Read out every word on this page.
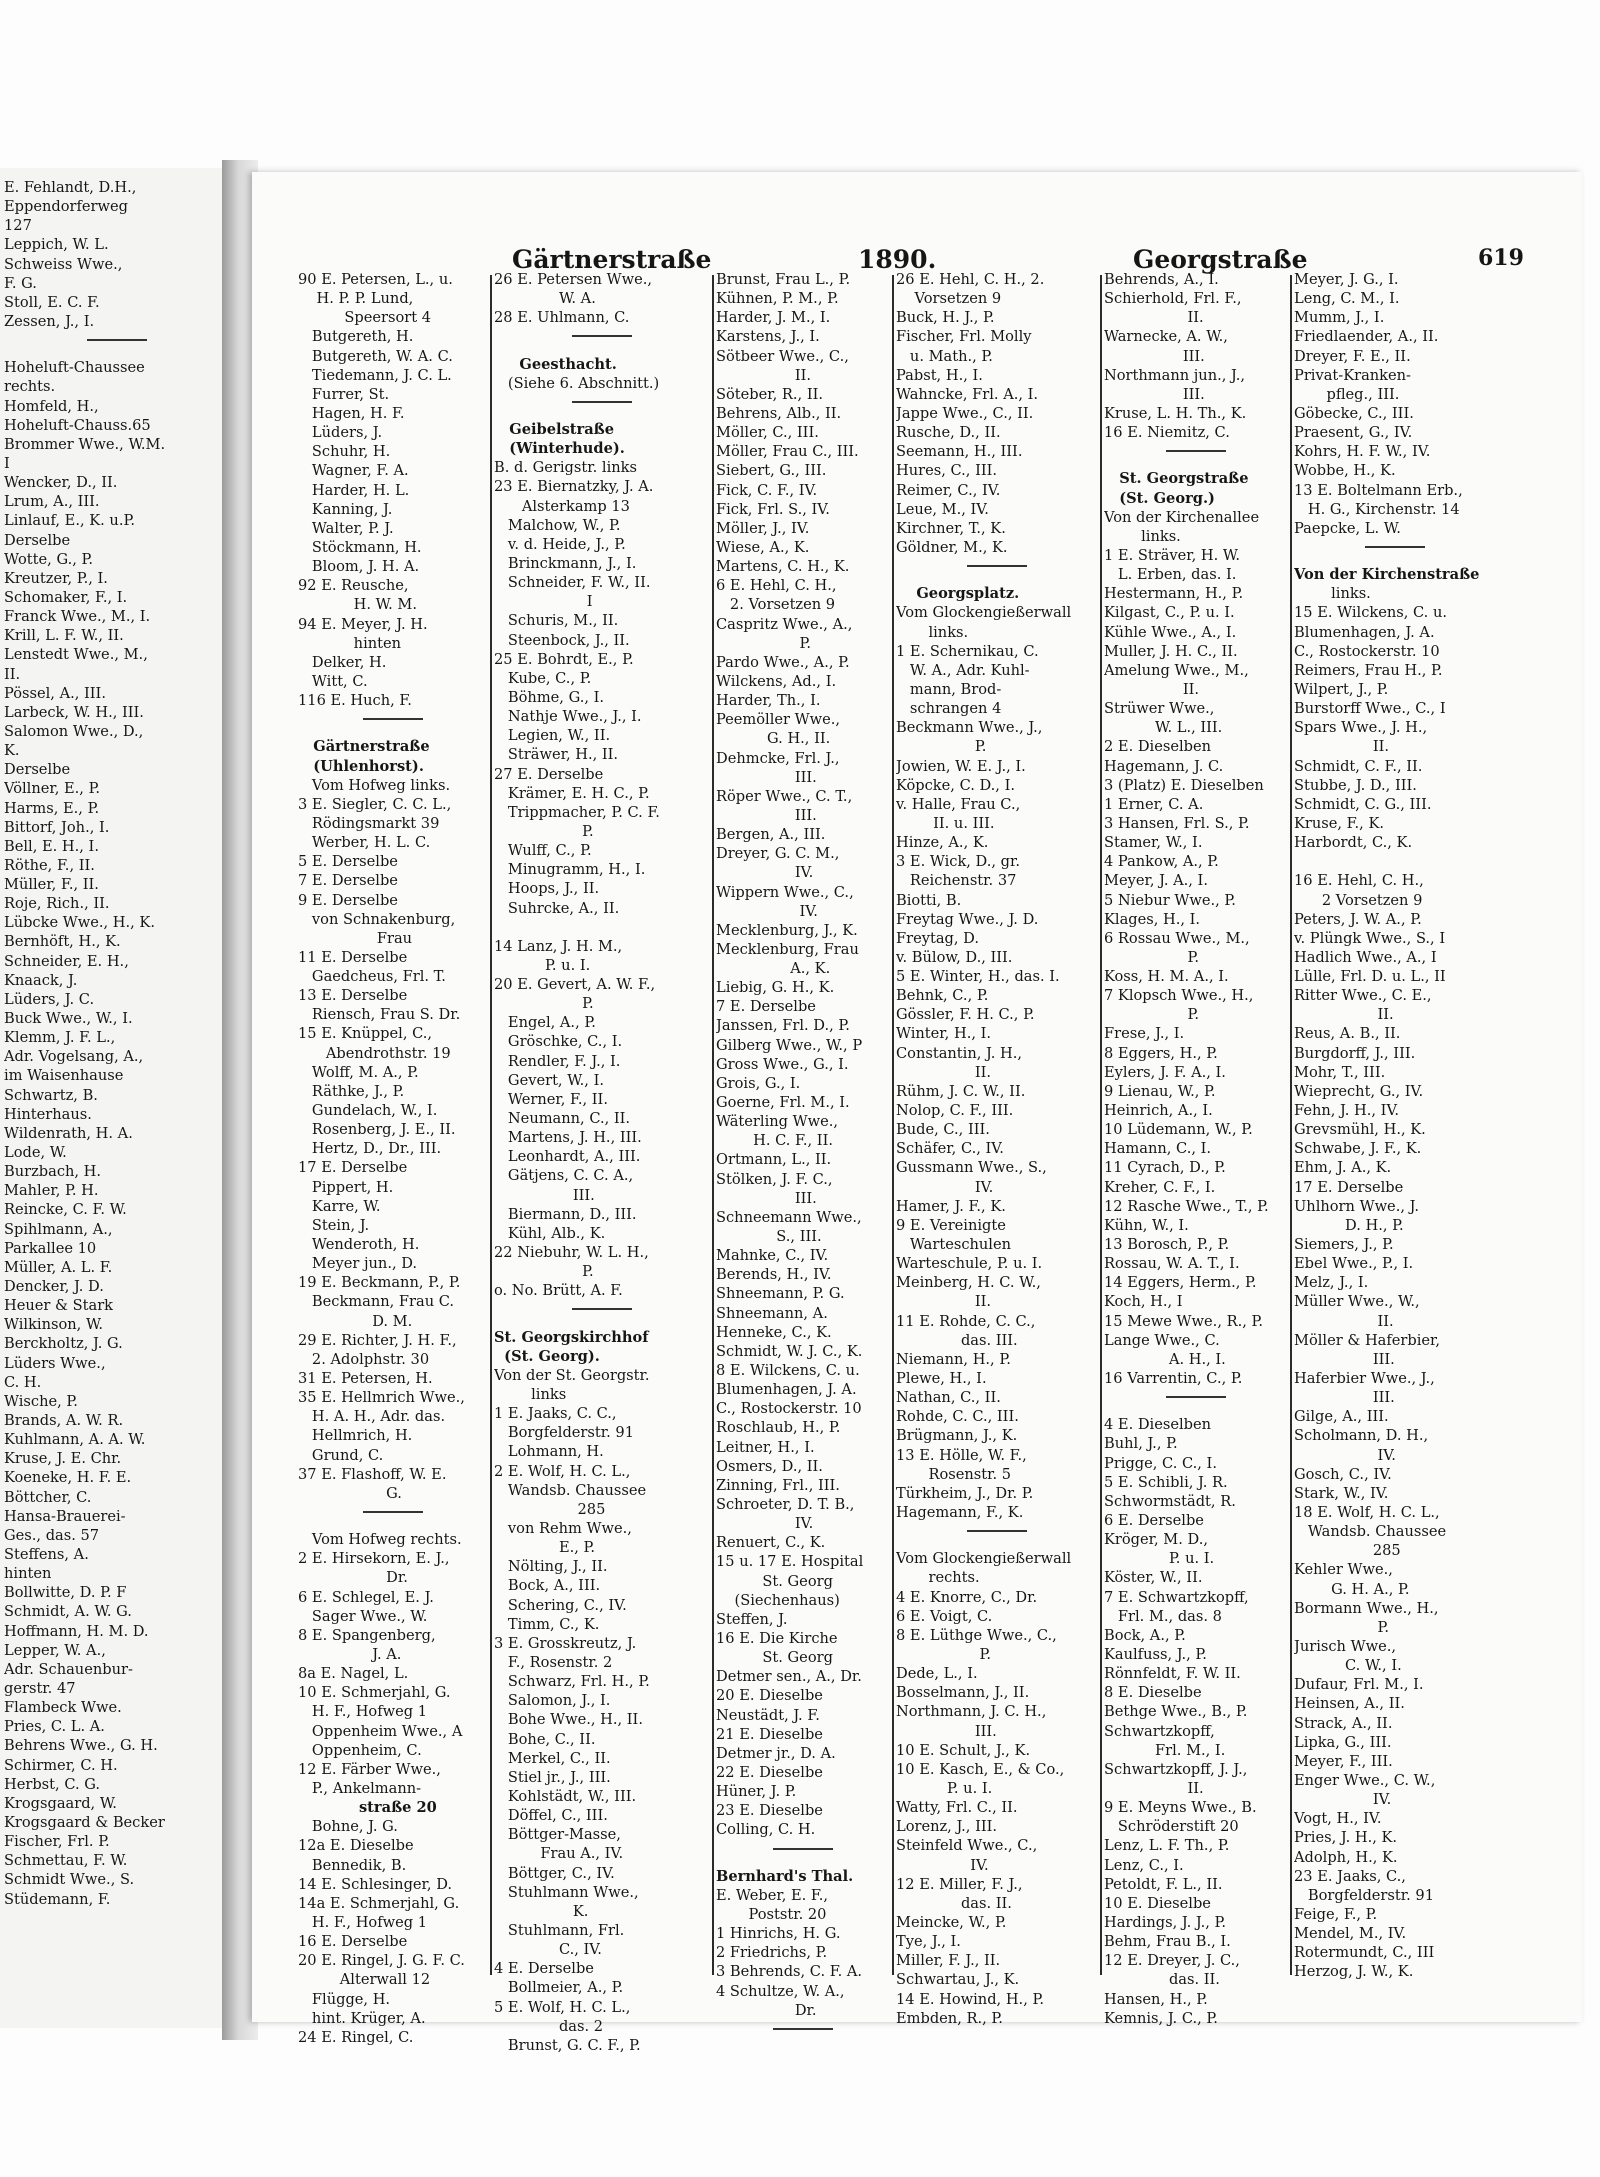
E. Fehlandt, D.H.,
Eppendorferweg
127
Leppich, W. L.
Schweiss Wwe.,
F. G.
Stoll, E. C. F.
Zessen, J., I.
Hoheluft-Chaussee
rechts.
Homfeld, H.,
Hoheluft-Chauss.65
Brommer Wwe., W.M.
I
Wencker, D., II.
Lrum, A., III.
Linlauf, E., K. u.P.
Derselbe
Wotte, G., P.
Kreutzer, P., I.
Schomaker, F., I.
Franck Wwe., M., I.
Krill, L. F. W., II.
Lenstedt Wwe., M.,
II.
Pössel, A., III.
Larbeck, W. H., III.
Salomon Wwe., D.,
K.
Derselbe
Völlner, E., P.
Harms, E., P.
Bittorf, Joh., I.
Bell, E. H., I.
Röthe, F., II.
Müller, F., II.
Roje, Rich., II.
Lübcke Wwe., H., K.
Bernhöft, H., K.
Schneider, E. H.,
Knaack, J.
Lüders, J. C.
Buck Wwe., W., I.
Klemm, J. F. L.,
Adr. Vogelsang, A.,
im Waisenhause
Schwartz, B.
Hinterhaus.
Wildenrath, H. A.
Lode, W.
Burzbach, H.
Mahler, P. H.
Reincke, C. F. W.
Spihlmann, A.,
Parkallee 10
Müller, A. L. F.
Dencker, J. D.
Heuer & Stark
Wilkinson, W.
Berckholtz, J. G.
Lüders Wwe.,
C. H.
Wische, P.
Brands, A. W. R.
Kuhlmann, A. A. W.
Kruse, J. E. Chr.
Koeneke, H. F. E.
Böttcher, C.
Hansa-Brauerei-
Ges., das. 57
Steffens, A.
hinten
Bollwitte, D. P. F
Schmidt, A. W. G.
Hoffmann, H. M. D.
Lepper, W. A.,
Adr. Schauenbur-
gerstr. 47
Flambeck Wwe.
Pries, C. L. A.
Behrens Wwe., G. H.
Schirmer, C. H.
Herbst, C. G.
Krogsgaard, W.
Krogsgaard & Becker
Fischer, Frl. P.
Schmettau, F. W.
Schmidt Wwe., S.
Stüdemann, F.
Gärtnerstraße	1890.	Georgstraße	619
90 E. Petersen, L., u.
H. P. P. Lund,
Speersort 4
Butgereth, H.
Butgereth, W. A. C.
Tiedemann, J. C. L.
Furrer, St.
Hagen, H. F.
Lüders, J.
Schuhr, H.
Wagner, F. A.
Harder, H. L.
Kanning, J.
Walter, P. J.
Stöckmann, H.
Bloom, J. H. A.
92 E. Reusche,
H. W. M.
94 E. Meyer, J. H.
hinten
Delker, H.
Witt, C.
116 E. Huch, F.
Gärtnerstraße
(Uhlenhorst).
Vom Hofweg links.
3 E. Siegler, C. C. L.,
Rödingsmarkt 39
Werber, H. L. C.
5 E. Derselbe
7 E. Derselbe
9 E. Derselbe
von Schnakenburg,
Frau
11 E. Derselbe
Gaedcheus, Frl. T.
13 E. Derselbe
Riensch, Frau S. Dr.
15 E. Knüppel, C.,
Abendrothstr. 19
Wolff, M. A., P.
Räthke, J., P.
Gundelach, W., I.
Rosenberg, J. E., II.
Hertz, D., Dr., III.
17 E. Derselbe
Pippert, H.
Karre, W.
Stein, J.
Wenderoth, H.
Meyer jun., D.
19 E. Beckmann, P., P.
Beckmann, Frau C.
D. M.
29 E. Richter, J. H. F.,
2. Adolphstr. 30
31 E. Petersen, H.
35 E. Hellmrich Wwe.,
H. A. H., Adr. das.
Hellmrich, H.
Grund, C.
37 E. Flashoff, W. E.
G.
Vom Hofweg rechts.
2 E. Hirsekorn, E. J.,
Dr.
6 E. Schlegel, E. J.
Sager Wwe., W.
8 E. Spangenberg,
J. A.
8a E. Nagel, L.
10 E. Schmerjahl, G.
H. F., Hofweg 1
Oppenheim Wwe., A
Oppenheim, C.
12 E. Färber Wwe.,
P., Ankelmann-
straße 20
Bohne, J. G.
12a E. Dieselbe
Bennedik, B.
14 E. Schlesinger, D.
14a E. Schmerjahl, G.
H. F., Hofweg 1
16 E. Derselbe
20 E. Ringel, J. G. F. C.
Alterwall 12
Flügge, H.
hint. Krüger, A.
24 E. Ringel, C.
26 E. Petersen Wwe.,
W. A.
28 E. Uhlmann, C.
Geesthacht.
(Siehe 6. Abschnitt.)
Geibelstraße
(Winterhude).
B. d. Gerigstr. links
23 E. Biernatzky, J. A.
Alsterkamp 13
Malchow, W., P.
v. d. Heide, J., P.
Brinckmann, J., I.
Schneider, F. W., II.
I
Schuris, M., II.
Steenbock, J., II.
25 E. Bohrdt, E., P.
Kube, C., P.
Böhme, G., I.
Nathje Wwe., J., I.
Legien, W., II.
Sträwer, H., II.
27 E. Derselbe
Krämer, E. H. C., P.
Trippmacher, P. C. F.
P.
Wulff, C., P.
Minugramm, H., I.
Hoops, J., II.
Suhrcke, A., II.
14 Lanz, J. H. M.,
P. u. I.
20 E. Gevert, A. W. F.,
P.
Engel, A., P.
Gröschke, C., I.
Rendler, F. J., I.
Gevert, W., I.
Werner, F., II.
Neumann, C., II.
Martens, J. H., III.
Leonhardt, A., III.
Gätjens, C. C. A.,
III.
Biermann, D., III.
Kühl, Alb., K.
22 Niebuhr, W. L. H.,
P.
o. No. Brütt, A. F.
St. Georgskirchhof
(St. Georg).
Von der St. Georgstr.
links
1 E. Jaaks, C. C.,
Borgfelderstr. 91
Lohmann, H.
2 E. Wolf, H. C. L.,
Wandsb. Chaussee
285
von Rehm Wwe.,
E., P.
Nölting, J., II.
Bock, A., III.
Schering, C., IV.
Timm, C., K.
3 E. Grosskreutz, J.
F., Rosenstr. 2
Schwarz, Frl. H., P.
Salomon, J., I.
Bohe Wwe., H., II.
Bohe, C., II.
Merkel, C., II.
Stiel jr., J., III.
Kohlstädt, W., III.
Döffel, C., III.
Böttger-Masse,
Frau A., IV.
Böttger, C., IV.
Stuhlmann Wwe.,
K.
Stuhlmann, Frl.
C., IV.
4 E. Derselbe
Bollmeier, A., P.
5 E. Wolf, H. C. L.,
das. 2
Brunst, G. C. F., P.
Brunst, Frau L., P.
Kühnen, P. M., P.
Harder, J. M., I.
Karstens, J., I.
Sötbeer Wwe., C.,
II.
Söteber, R., II.
Behrens, Alb., II.
Möller, C., III.
Möller, Frau C., III.
Siebert, G., III.
Fick, C. F., IV.
Fick, Frl. S., IV.
Möller, J., IV.
Wiese, A., K.
Martens, C. H., K.
6 E. Hehl, C. H.,
2. Vorsetzen 9
Caspritz Wwe., A.,
P.
Pardo Wwe., A., P.
Wilckens, Ad., I.
Harder, Th., I.
Peemöller Wwe.,
G. H., II.
Dehmcke, Frl. J.,
III.
Röper Wwe., C. T.,
III.
Bergen, A., III.
Dreyer, G. C. M.,
IV.
Wippern Wwe., C.,
IV.
Mecklenburg, J., K.
Mecklenburg, Frau
A., K.
Liebig, G. H., K.
7 E. Derselbe
Janssen, Frl. D., P.
Gilberg Wwe., W., P
Gross Wwe., G., I.
Grois, G., I.
Goerne, Frl. M., I.
Wäterling Wwe.,
H. C. F., II.
Ortmann, L., II.
Stölken, J. F. C.,
III.
Schneemann Wwe.,
S., III.
Mahnke, C., IV.
Berends, H., IV.
Shneemann, P. G.
Shneemann, A.
Henneke, C., K.
Schmidt, W. J. C., K.
8 E. Wilckens, C. u.
Blumenhagen, J. A.
C., Rostockerstr. 10
Roschlaub, H., P.
Leitner, H., I.
Osmers, D., II.
Zinning, Frl., III.
Schroeter, D. T. B.,
IV.
Renuert, C., K.
15 u. 17 E. Hospital
St. Georg
(Siechenhaus)
Steffen, J.
16 E. Die Kirche
St. Georg
Detmer sen., A., Dr.
20 E. Dieselbe
Neustädt, J. F.
21 E. Dieselbe
Detmer jr., D. A.
22 E. Dieselbe
Hüner, J. P.
23 E. Dieselbe
Colling, C. H.
Bernhard's Thal.
E. Weber, E. F.,
Poststr. 20
1 Hinrichs, H. G.
2 Friedrichs, P.
3 Behrends, C. F. A.
4 Schultze, W. A.,
Dr.
26 E. Hehl, C. H., 2.
Vorsetzen 9
Buck, H. J., P.
Fischer, Frl. Molly
u. Math., P.
Pabst, H., I.
Wahncke, Frl. A., I.
Jappe Wwe., C., II.
Rusche, D., II.
Seemann, H., III.
Hures, C., III.
Reimer, C., IV.
Leue, M., IV.
Kirchner, T., K.
Göldner, M., K.
Georgsplatz.
Vom Glockengießerwall
links.
1 E. Schernikau, C.
W. A., Adr. Kuhl-
mann, Brod-
schrangen 4
Beckmann Wwe., J.,
P.
Jowien, W. E. J., I.
Köpcke, C. D., I.
v. Halle, Frau C.,
II. u. III.
Hinze, A., K.
3 E. Wick, D., gr.
Reichenstr. 37
Biotti, B.
Freytag Wwe., J. D.
Freytag, D.
v. Bülow, D., III.
5 E. Winter, H., das. I.
Behnk, C., P.
Gössler, F. H. C., P.
Winter, H., I.
Constantin, J. H.,
II.
Rühm, J. C. W., II.
Nolop, C. F., III.
Bude, C., III.
Schäfer, C., IV.
Gussmann Wwe., S.,
IV.
Hamer, J. F., K.
9 E. Vereinigte
Warteschulen
Warteschule, P. u. I.
Meinberg, H. C. W.,
II.
11 E. Rohde, C. C.,
das. III.
Niemann, H., P.
Plewe, H., I.
Nathan, C., II.
Rohde, C. C., III.
Brügmann, J., K.
13 E. Hölle, W. F.,
Rosenstr. 5
Türkheim, J., Dr. P.
Hagemann, F., K.
Vom Glockengießerwall
rechts.
4 E. Knorre, C., Dr.
6 E. Voigt, C.
8 E. Lüthge Wwe., C.,
P.
Dede, L., I.
Bosselmann, J., II.
Northmann, J. C. H.,
III.
10 E. Schult, J., K.
10 E. Kasch, E., & Co.,
P. u. I.
Watty, Frl. C., II.
Lorenz, J., III.
Steinfeld Wwe., C.,
IV.
12 E. Miller, F. J.,
das. II.
Meincke, W., P.
Tye, J., I.
Miller, F. J., II.
Schwartau, J., K.
14 E. Howind, H., P.
Embden, R., P.
Behrends, A., I.
Schierhold, Frl. F.,
II.
Warnecke, A. W.,
III.
Northmann jun., J.,
III.
Kruse, L. H. Th., K.
16 E. Niemitz, C.
St. Georgstraße
(St. Georg.)
Von der Kirchenallee
links.
1 E. Sträver, H. W.
L. Erben, das. I.
Hestermann, H., P.
Kilgast, C., P. u. I.
Kühle Wwe., A., I.
Muller, J. H. C., II.
Amelung Wwe., M.,
II.
Strüwer Wwe.,
W. L., III.
2 E. Dieselben
Hagemann, J. C.
3 (Platz) E. Dieselben
1 Erner, C. A.
3 Hansen, Frl. S., P.
Stamer, W., I.
4 Pankow, A., P.
Meyer, J. A., I.
5 Niebur Wwe., P.
Klages, H., I.
6 Rossau Wwe., M.,
P.
Koss, H. M. A., I.
7 Klopsch Wwe., H.,
P.
Frese, J., I.
8 Eggers, H., P.
Eylers, J. F. A., I.
9 Lienau, W., P.
Heinrich, A., I.
10 Lüdemann, W., P.
Hamann, C., I.
11 Cyrach, D., P.
Kreher, C. F., I.
12 Rasche Wwe., T., P.
Kühn, W., I.
13 Borosch, P., P.
Rossau, W. A. T., I.
14 Eggers, Herm., P.
Koch, H., I
15 Mewe Wwe., R., P.
Lange Wwe., C.
A. H., I.
16 Varrentin, C., P.
4 E. Dieselben
Buhl, J., P.
Prigge, C. C., I.
5 E. Schibli, J. R.
Schwormstädt, R.
6 E. Derselbe
Kröger, M. D.,
P. u. I.
Köster, W., II.
7 E. Schwartzkopff,
Frl. M., das. 8
Bock, A., P.
Kaulfuss, J., P.
Rönnfeldt, F. W. II.
8 E. Dieselbe
Bethge Wwe., B., P.
Schwartzkopff,
Frl. M., I.
Schwartzkopff, J. J.,
II.
9 E. Meyns Wwe., B.
Schröderstift 20
Lenz, L. F. Th., P.
Lenz, C., I.
Petoldt, F. L., II.
10 E. Dieselbe
Hardings, J. J., P.
Behm, Frau B., I.
12 E. Dreyer, J. C.,
das. II.
Hansen, H., P.
Kemnis, J. C., P.
Meyer, J. G., I.
Leng, C. M., I.
Mumm, J., I.
Friedlaender, A., II.
Dreyer, F. E., II.
Privat-Kranken-
pfleg., III.
Göbecke, C., III.
Praesent, G., IV.
Kohrs, H. F. W., IV.
Wobbe, H., K.
13 E. Boltelmann Erb.,
H. G., Kirchenstr. 14
Paepcke, L. W.
Von der Kirchenstraße
links.
15 E. Wilckens, C. u.
Blumenhagen, J. A.
C., Rostockerstr. 10
Reimers, Frau H., P.
Wilpert, J., P.
Burstorff Wwe., C., I
Spars Wwe., J. H.,
II.
Schmidt, C. F., II.
Stubbe, J. D., III.
Schmidt, C. G., III.
Kruse, F., K.
Harbordt, C., K.
16 E. Hehl, C. H.,
2 Vorsetzen 9
Peters, J. W. A., P.
v. Plüngk Wwe., S., I
Hadlich Wwe., A., I
Lülle, Frl. D. u. L., II
Ritter Wwe., C. E.,
II.
Reus, A. B., II.
Burgdorff, J., III.
Mohr, T., III.
Wieprecht, G., IV.
Fehn, J. H., IV.
Grevsmühl, H., K.
Schwabe, J. F., K.
Ehm, J. A., K.
17 E. Derselbe
Uhlhorn Wwe., J.
D. H., P.
Siemers, J., P.
Ebel Wwe., P., I.
Melz, J., I.
Müller Wwe., W.,
II.
Möller & Haferbier,
III.
Haferbier Wwe., J.,
III.
Gilge, A., III.
Scholmann, D. H.,
IV.
Gosch, C., IV.
Stark, W., IV.
18 E. Wolf, H. C. L.,
Wandsb. Chaussee
285
Kehler Wwe.,
G. H. A., P.
Bormann Wwe., H.,
P.
Jurisch Wwe.,
C. W., I.
Dufaur, Frl. M., I.
Heinsen, A., II.
Strack, A., II.
Lipka, G., III.
Meyer, F., III.
Enger Wwe., C. W.,
IV.
Vogt, H., IV.
Pries, J. H., K.
Adolph, H., K.
23 E. Jaaks, C.,
Borgfelderstr. 91
Feige, F., P.
Mendel, M., IV.
Rotermundt, C., III
Herzog, J. W., K.
